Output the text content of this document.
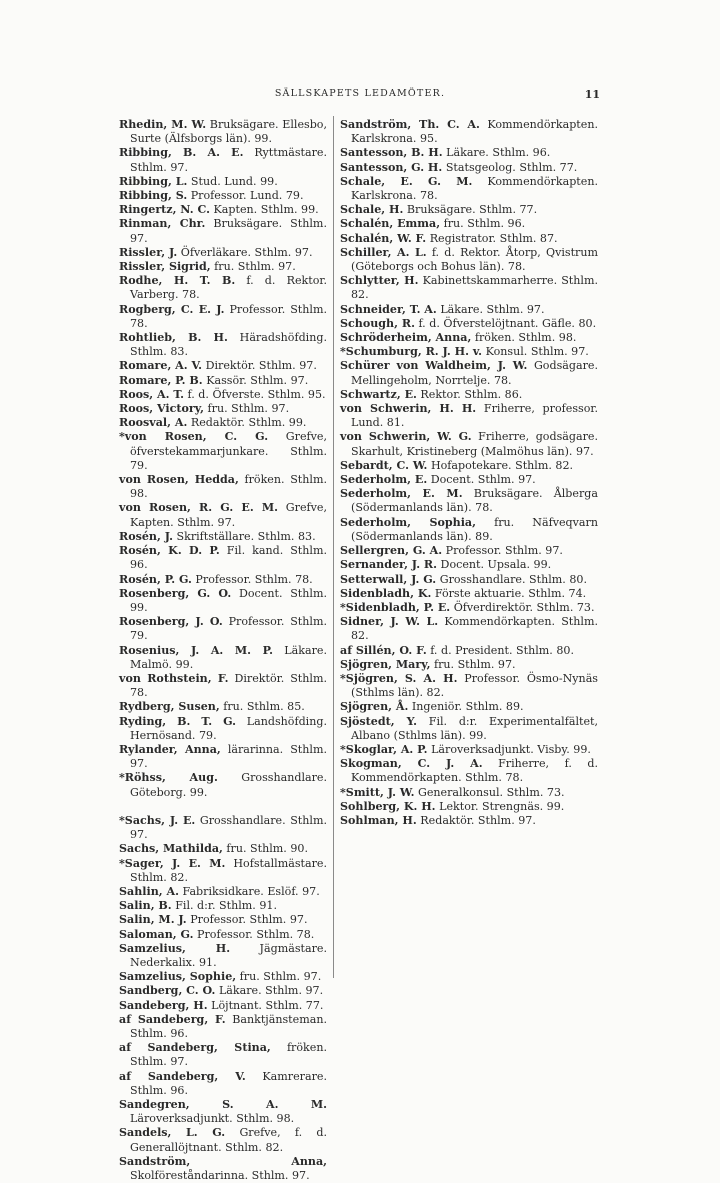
SÄLLSKAPETS LEDAMÖTER.	11
Rhedin, M. W. Bruksägare. Ellesbo, Surte (Älfsborgs län). 99.
Ribbing, B. A. E. Ryttmästare. Sthlm. 97.
Ribbing, L. Stud. Lund. 99.
Ribbing, S. Professor. Lund. 79.
Ringertz, N. C. Kapten. Sthlm. 99.
Rinman, Chr. Bruksägare. Sthlm. 97.
Rissler, J. Öfverläkare. Sthlm. 97.
Rissler, Sigrid, fru. Sthlm. 97.
Rodhe, H. T. B. f. d. Rektor. Varberg. 78.
Rogberg, C. E. J. Professor. Sthlm. 78.
Rohtlieb, B. H. Häradshöfding. Sthlm. 83.
Romare, A. V. Direktör. Sthlm. 97.
Romare, P. B. Kassör. Sthlm. 97.
Roos, A. T. f. d. Öfverste. Sthlm. 95.
Roos, Victory, fru. Sthlm. 97.
Roosval, A. Redaktör. Sthlm. 99.
*von Rosen, C. G. Grefve, öfverstekammarjunkare. Sthlm. 79.
von Rosen, Hedda, fröken. Sthlm. 98.
von Rosen, R. G. E. M. Grefve, Kapten. Sthlm. 97.
Rosén, J. Skriftställare. Sthlm. 83.
Rosén, K. D. P. Fil. kand. Sthlm. 96.
Rosén, P. G. Professor. Sthlm. 78.
Rosenberg, G. O. Docent. Sthlm. 99.
Rosenberg, J. O. Professor. Sthlm. 79.
Rosenius, J. A. M. P. Läkare. Malmö. 99.
von Rothstein, F. Direktör. Sthlm. 78.
Rydberg, Susen, fru. Sthlm. 85.
Ryding, B. T. G. Landshöfding. Hernösand. 79.
Rylander, Anna, lärarinna. Sthlm. 97.
*Röhss, Aug. Grosshandlare. Göteborg. 99.
*Sachs, J. E. Grosshandlare. Sthlm. 97.
Sachs, Mathilda, fru. Sthlm. 90.
*Sager, J. E. M. Hofstallmästare. Sthlm. 82.
Sahlin, A. Fabriksidkare. Eslöf. 97.
Salin, B. Fil. d:r. Sthlm. 91.
Salin, M. J. Professor. Sthlm. 97.
Saloman, G. Professor. Sthlm. 78.
Samzelius, H.	Jägmästare. Nederkalix. 91.
Samzelius, Sophie, fru. Sthlm. 97.
Sandberg, C. O. Läkare. Sthlm. 97.
Sandeberg, H. Löjtnant. Sthlm. 77.
af Sandeberg, F. Banktjänsteman. Sthlm. 96.
af Sandeberg, Stina, fröken. Sthlm. 97.
af Sandeberg, V. Kamrerare. Sthlm. 96.
Sandegren, S. A. M. Läroverksadjunkt. Sthlm. 98.
Sandels, L. G. Grefve, f. d. Generallöjtnant. Sthlm. 82.
Sandström, Anna, Skolföreståndarinna. Sthlm. 97.
Sandström, Th. C. A. Kommendörkapten. Karlskrona. 95.
Santesson, B. H. Läkare. Sthlm. 96.
Santesson, G. H. Statsgeolog. Sthlm. 77.
Schale, E. G. M. Kommendörkapten. Karlskrona. 78.
Schale, H. Bruksägare. Sthlm. 77.
Schalén, Emma, fru. Sthlm. 96.
Schalén, W. F. Registrator. Sthlm. 87.
Schiller, A. L. f. d. Rektor. Åtorp, Qvistrum (Göteborgs och Bohus län). 78.
Schlytter, H. Kabinettskammarherre. Sthlm. 82.
Schneider, T. A. Läkare. Sthlm. 97.
Schough, R. f. d. Öfverstelöjtnant. Gäfle. 80.
Schröderheim, Anna, fröken. Sthlm. 98.
*Schumburg, R. J. H. v. Konsul. Sthlm. 97.
Schürer von Waldheim, J. W. Godsägare. Mellingeholm, Norrtelje. 78.
Schwartz, E. Rektor. Sthlm. 86.
von Schwerin, H. H. Friherre, professor. Lund. 81.
von Schwerin, W. G. Friherre, godsägare. Skarhult, Kristineberg (Malmöhus län). 97.
Sebardt, C. W. Hofapotekare. Sthlm. 82.
Sederholm, E. Docent. Sthlm. 97.
Sederholm, E. M. Bruksägare. Ålberga (Södermanlands län). 78.
Sederholm, Sophia, fru. Näfveqvarn (Södermanlands län). 89.
Sellergren, G. A. Professor. Sthlm. 97.
Sernander, J. R. Docent. Upsala. 99.
Setterwall, J. G. Grosshandlare. Sthlm. 80.
Sidenbladh, K. Förste aktuarie. Sthlm. 74.
*Sidenbladh, P. E. Öfverdirektör. Sthlm. 73.
Sidner, J. W. L. Kommendörkapten. Sthlm. 82.
af Sillén, O. F. f. d. President. Sthlm. 80.
Sjögren, Mary, fru. Sthlm. 97.
*Sjögren, S. A. H. Professor. Ösmo-Nynäs (Sthlms län). 82.
Sjögren, Å. Ingeniör. Sthlm. 89.
Sjöstedt, Y. Fil. d:r. Experimentalfältet, Albano (Sthlms län). 99.
*Skoglar, A. P. Läroverksadjunkt. Visby. 99.
Skogman, C. J. A. Friherre, f. d. Kommendörkapten. Sthlm. 78.
*Smitt, J. W. Generalkonsul. Sthlm. 73.
Sohlberg, K. H. Lektor. Strengnäs. 99.
Sohlman, H. Redaktör. Sthlm. 97.
